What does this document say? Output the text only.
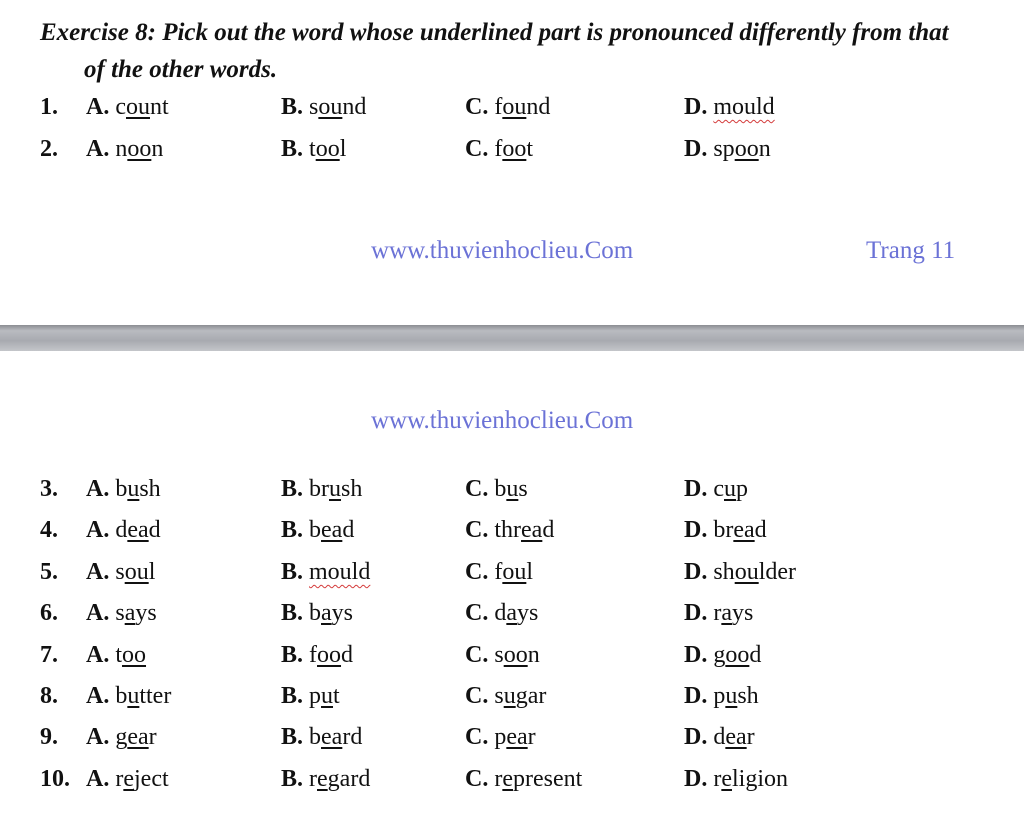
Exercise 8: Pick out the word whose underlined part is pronounced differently from that
of the other words.
1. A. count	B. sound	C. found	D. mould
2. A. noon	B. tool	C. foot	D. spoon
www.thuvienhoclieu.Com	Trang 11
www.thuvienhoclieu.Com
3. A. bush	B. brush	C. bus	D. cup
4. A. dead	B. bead	C. thread	D. bread
5. A. soul	B. mould	C. foul	D. shoulder
6. A. says	B. bays	C. days	D. rays
7. A. too	B. food	C. soon	D. good
8. A. butter	B. put	C. sugar	D. push
9. A. gear	B. beard	C. pear	D. dear
10. A. reject	B. regard	C. represent	D. religion
